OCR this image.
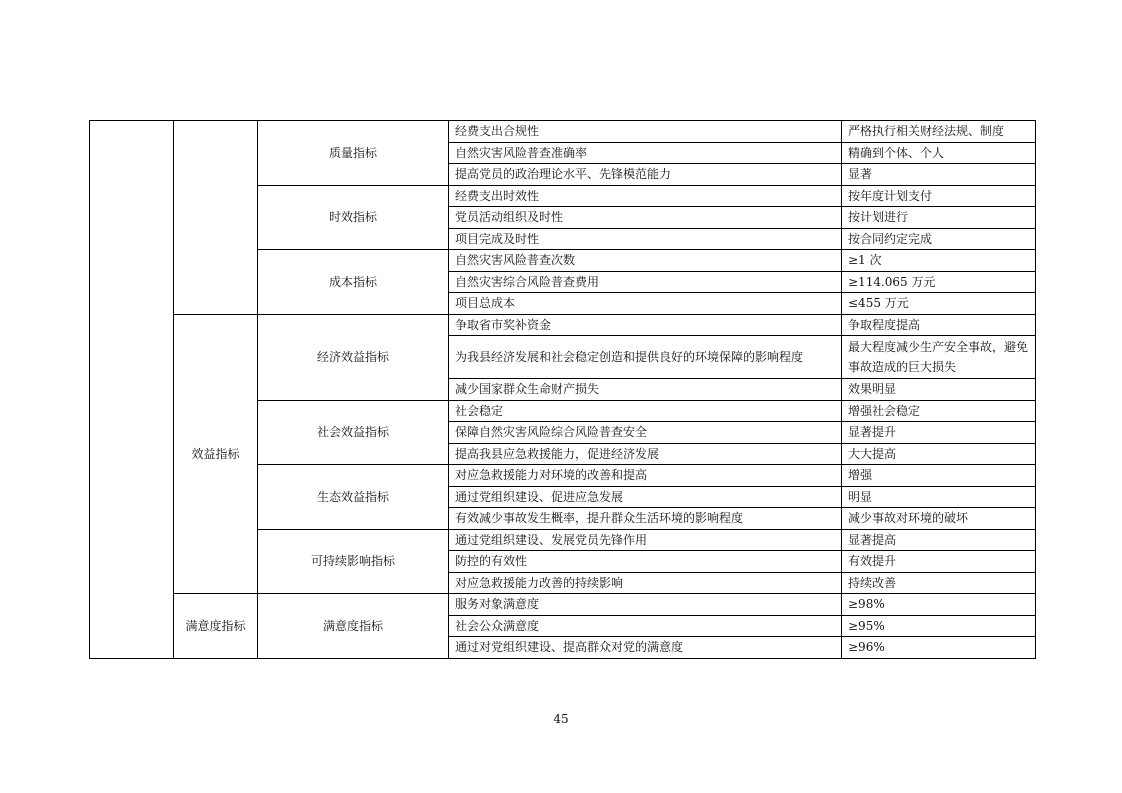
		质量指标	经费支出合规性	严格执行相关财经法规、制度
			自然灾害风险普查准确率	精确到个体、个人
			提高党员的政治理论水平、先锋模范能力	显著
		时效指标	经费支出时效性	按年度计划支付
			党员活动组织及时性	按计划进行
			项目完成及时性	按合同约定完成
		成本指标	自然灾害风险普查次数	≥1 次
			自然灾害综合风险普查费用	≥114.065 万元
			项目总成本	≤455 万元
	效益指标	经济效益指标	争取省市奖补资金	争取程度提高
			为我县经济发展和社会稳定创造和提供良好的环境保障的影响程度	最大程度减少生产安全事故，避免事故造成的巨大损失
			减少国家群众生命财产损失	效果明显
		社会效益指标	社会稳定	增强社会稳定
			保障自然灾害风险综合风险普查安全	显著提升
			提高我县应急救援能力，促进经济发展	大大提高
		生态效益指标	对应急救援能力对环境的改善和提高	增强
			通过党组织建设、促进应急发展	明显
			有效减少事故发生概率，提升群众生活环境的影响程度	减少事故对环境的破坏
		可持续影响指标	通过党组织建设、发展党员先锋作用	显著提高
			防控的有效性	有效提升
			对应急救援能力改善的持续影响	持续改善
	满意度指标	满意度指标	服务对象满意度	≥98%
			社会公众满意度	≥95%
			通过对党组织建设、提高群众对党的满意度	≥96%
45
